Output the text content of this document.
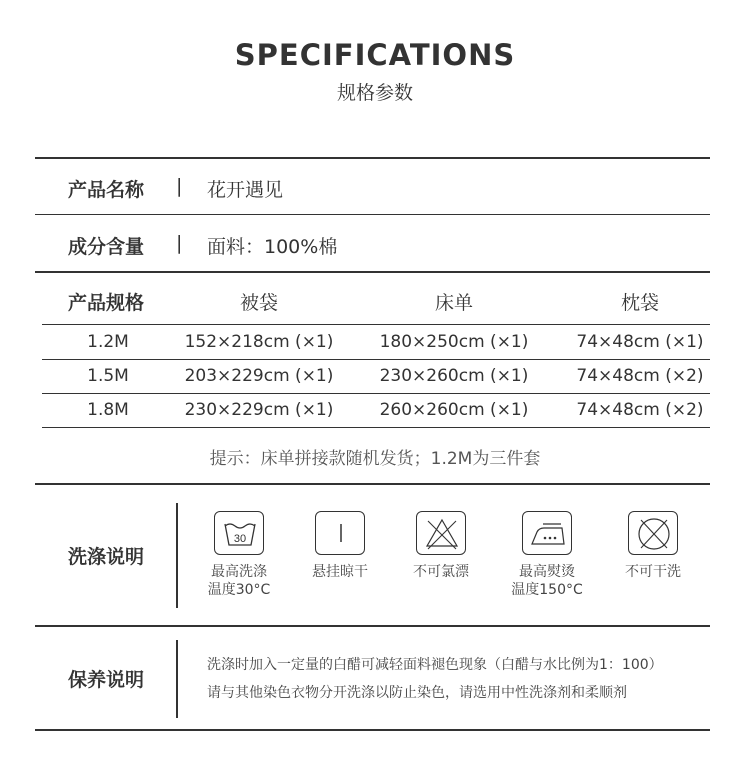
SPECIFICATIONS
规格参数
产品名称 | 花开遇见
成分含量 | 面料：100%棉
产品规格	被袋	床单	枕袋
1.2M	152×218cm (×1)	180×250cm (×1)	74×48cm (×1)
1.5M	203×229cm (×1)	230×260cm (×1)	74×48cm (×2)
1.8M	230×229cm (×1)	260×260cm (×1)	74×48cm (×2)
提示：床单拼接款随机发货；1.2M为三件套
洗涤说明
30
最高洗涤
温度30°C
悬挂晾干	不可氯漂	最高熨烫
温度150°C
不可干洗
保养说明
洗涤时加入一定量的白醋可减轻面料褪色现象（白醋与水比例为1：100）
请与其他染色衣物分开洗涤以防止染色，请选用中性洗涤剂和柔顺剂
